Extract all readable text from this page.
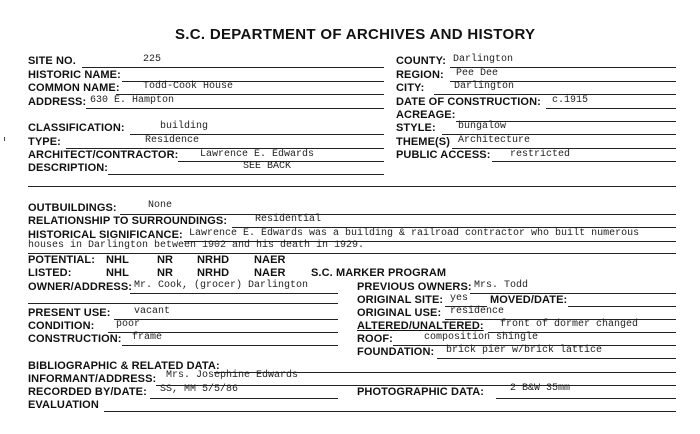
S.C. DEPARTMENT OF ARCHIVES AND HISTORY
SITE NO.	225
HISTORIC NAME:
COMMON NAME: Todd-Cook House
ADDRESS: 630 E. Hampton
CLASSIFICATION:	building
TYPE:	Residence
ARCHITECT/CONTRACTOR: Lawrence E. Edwards
DESCRIPTION:	SEE BACK
COUNTY: Darlington
REGION: Pee Dee
CITY:	Darlington
DATE OF CONSTRUCTION: c.1915
ACREAGE:
STYLE: bungalow
THEME(S) Architecture
PUBLIC ACCESS: restricted
OUTBUILDINGS:	None
RELATIONSHIP TO SURROUNDINGS:	Residential
HISTORICAL SIGNIFICANCE: Lawrence E. Edwards was a building & railroad contractor who built numerous
houses in Darlington between 1902 and his death in 1929.
POTENTIAL: NHL	NR NRHD NAER
LISTED:	NHL	NR NRHD NAER S.C. MARKER PROGRAM
OWNER/ADDRESS: Mr. Cook, (grocer) Darlington
PRESENT USE: vacant
CONDITION: poor
CONSTRUCTION: frame
PREVIOUS OWNERS: Mrs. Todd
ORIGINAL SITE: yes MOVED/DATE:
ORIGINAL USE: residence
ALTERED/UNALTERED: front of dormer changed
ROOF:	composition shingle
FOUNDATION: brick pier w/brick lattice
BIBLIOGRAPHIC & RELATED DATA:
INFORMANT/ADDRESS: Mrs. Josephine Edwards
RECORDED BY/DATE: SS, MM 5/5/86	PHOTOGRAPHIC DATA:	2 B&W 35mm
EVALUATION
